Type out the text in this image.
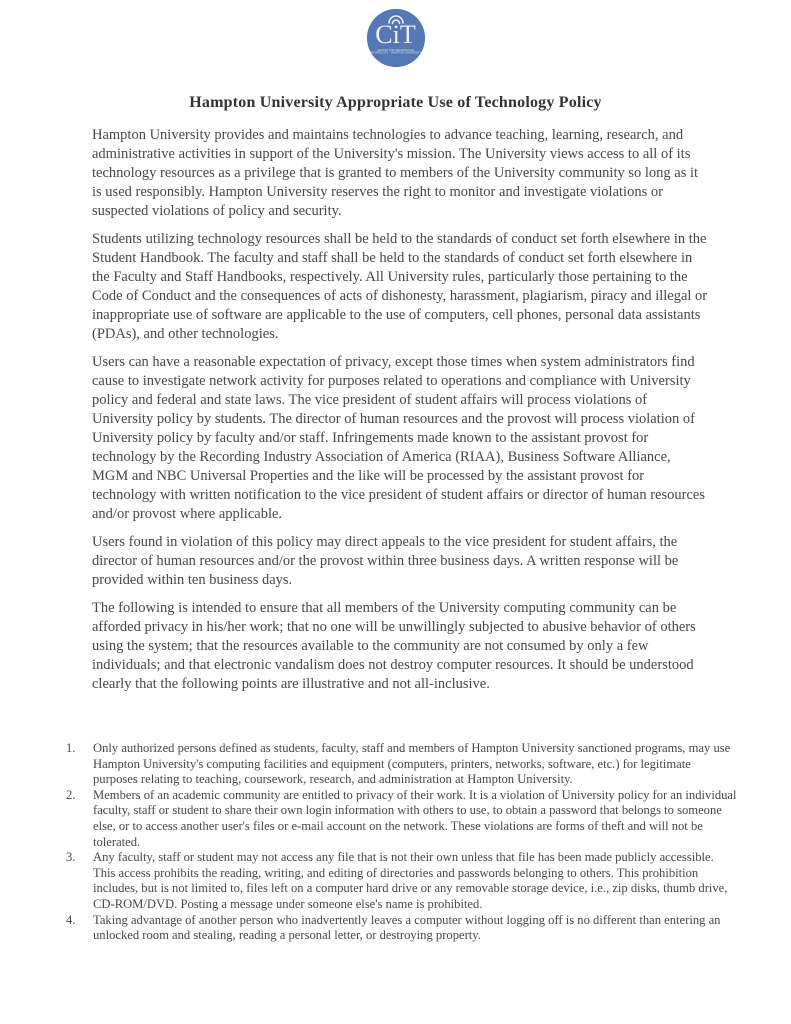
CiT
CENTER FOR INFORMATION
TECHNOLOGY · HAMPTON UNIVERSITY
Hampton University Appropriate Use of Technology Policy

Hampton University provides and maintains technologies to advance teaching, learning, research, and administrative activities in support of the University's mission. The University views access to all of its technology resources as a privilege that is granted to members of the University community so long as it is used responsibly. Hampton University reserves the right to monitor and investigate violations or suspected violations of policy and security.

Students utilizing technology resources shall be held to the standards of conduct set forth elsewhere in the Student Handbook. The faculty and staff shall be held to the standards of conduct set forth elsewhere in the Faculty and Staff Handbooks, respectively. All University rules, particularly those pertaining to the Code of Conduct and the consequences of acts of dishonesty, harassment, plagiarism, piracy and illegal or inappropriate use of software are applicable to the use of computers, cell phones, personal data assistants (PDAs), and other technologies.

Users can have a reasonable expectation of privacy, except those times when system administrators find cause to investigate network activity for purposes related to operations and compliance with University policy and federal and state laws. The vice president of student affairs will process violations of University policy by students. The director of human resources and the provost will process violation of University policy by faculty and/or staff. Infringements made known to the assistant provost for technology by the Recording Industry Association of America (RIAA), Business Software Alliance, MGM and NBC Universal Properties and the like will be processed by the assistant provost for technology with written notification to the vice president of student affairs or director of human resources and/or provost where applicable.

Users found in violation of this policy may direct appeals to the vice president for student affairs, the director of human resources and/or the provost within three business days. A written response will be provided within ten business days.

The following is intended to ensure that all members of the University computing community can be afforded privacy in his/her work; that no one will be unwillingly subjected to abusive behavior of others using the system; that the resources available to the community are not consumed by only a few individuals; and that electronic vandalism does not destroy computer resources. It should be understood clearly that the following points are illustrative and not all-inclusive.

1.	Only authorized persons defined as students, faculty, staff and members of Hampton University sanctioned programs, may use Hampton University's computing facilities and equipment (computers, printers, networks, software, etc.) for legitimate purposes relating to teaching, coursework, research, and administration at Hampton University.
2.	Members of an academic community are entitled to privacy of their work. It is a violation of University policy for an individual faculty, staff or student to share their own login information with others to use, to obtain a password that belongs to someone else, or to access another user's files or e-mail account on the network. These violations are forms of theft and will not be tolerated.
3.	Any faculty, staff or student may not access any file that is not their own unless that file has been made publicly accessible. This access prohibits the reading, writing, and editing of directories and passwords belonging to others. This prohibition includes, but is not limited to, files left on a computer hard drive or any removable storage device, i.e., zip disks, thumb drive, CD-ROM/DVD. Posting a message under someone else's name is prohibited.
4.	Taking advantage of another person who inadvertently leaves a computer without logging off is no different than entering an unlocked room and stealing, reading a personal letter, or destroying property.
